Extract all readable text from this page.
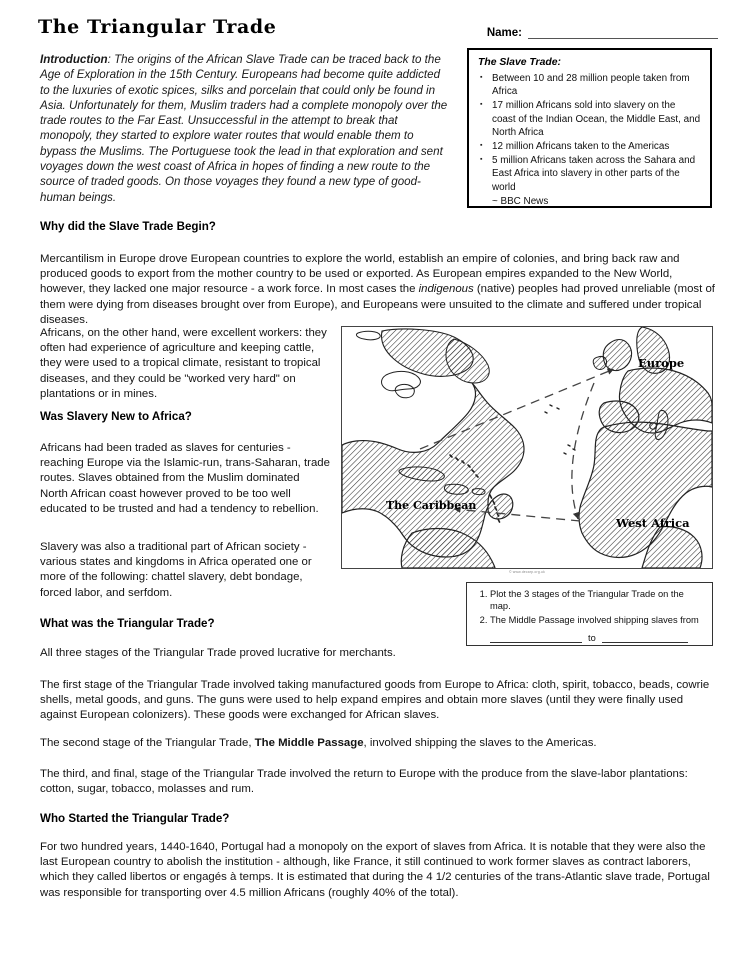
The Triangular Trade	Name:
Introduction: The origins of the African Slave Trade can be traced back to the Age of Exploration in the 15th Century. Europeans had become quite addicted to the luxuries of exotic spices, silks and porcelain that could only be found in Asia. Unfortunately for them, Muslim traders had a complete monopoly over the trade routes to the Far East. Unsuccessful in the attempt to break that monopoly, they started to explore water routes that would enable them to bypass the Muslims. The Portuguese took the lead in that exploration and sent voyages down the west coast of Africa in hopes of finding a new route to the source of traded goods. On those voyages they found a new type of good- human beings.
The Slave Trade:
▪ Between 10 and 28 million people taken from Africa
▪ 17 million Africans sold into slavery on the coast of the Indian Ocean, the Middle East, and North Africa
▪ 12 million Africans taken to the Americas
▪ 5 million Africans taken across the Sahara and East Africa into slavery in other parts of the world
~ BBC News
Why did the Slave Trade Begin?
Mercantilism in Europe drove European countries to explore the world, establish an empire of colonies, and bring back raw and produced goods to export from the mother country to be used or exported. As European empires expanded to the New World, however, they lacked one major resource - a work force. In most cases the indigenous (native) peoples had proved unreliable (most of them were dying from diseases brought over from Europe), and Europeans were unsuited to the climate and suffered under tropical diseases.
Africans, on the other hand, were excellent workers: they often had experience of agriculture and keeping cattle, they were used to a tropical climate, resistant to tropical diseases, and they could be "worked very hard" on plantations or in mines.
Was Slavery New to Africa?
Africans had been traded as slaves for centuries - reaching Europe via the Islamic-run, trans-Saharan, trade routes. Slaves obtained from the Muslim dominated North African coast however proved to be too well educated to be trusted and had a tendency to rebellion.
Slavery was also a traditional part of African society - various states and kingdoms in Africa operated one or more of the following: chattel slavery, debt bondage, forced labor, and serfdom.
Europe
The Caribbean
West Africa
© www.decarp.org.uk
1. Plot the 3 stages of the Triangular Trade on the map.
2. The Middle Passage involved shipping slaves from
to
What was the Triangular Trade?
All three stages of the Triangular Trade proved lucrative for merchants.
The first stage of the Triangular Trade involved taking manufactured goods from Europe to Africa: cloth, spirit, tobacco, beads, cowrie shells, metal goods, and guns. The guns were used to help expand empires and obtain more slaves (until they were finally used against European colonizers). These goods were exchanged for African slaves.
The second stage of the Triangular Trade, The Middle Passage, involved shipping the slaves to the Americas.
The third, and final, stage of the Triangular Trade involved the return to Europe with the produce from the slave-labor plantations: cotton, sugar, tobacco, molasses and rum.
Who Started the Triangular Trade?
For two hundred years, 1440-1640, Portugal had a monopoly on the export of slaves from Africa. It is notable that they were also the last European country to abolish the institution - although, like France, it still continued to work former slaves as contract laborers, which they called libertos or engagés à temps. It is estimated that during the 4 1/2 centuries of the trans-Atlantic slave trade, Portugal was responsible for transporting over 4.5 million Africans (roughly 40% of the total).
